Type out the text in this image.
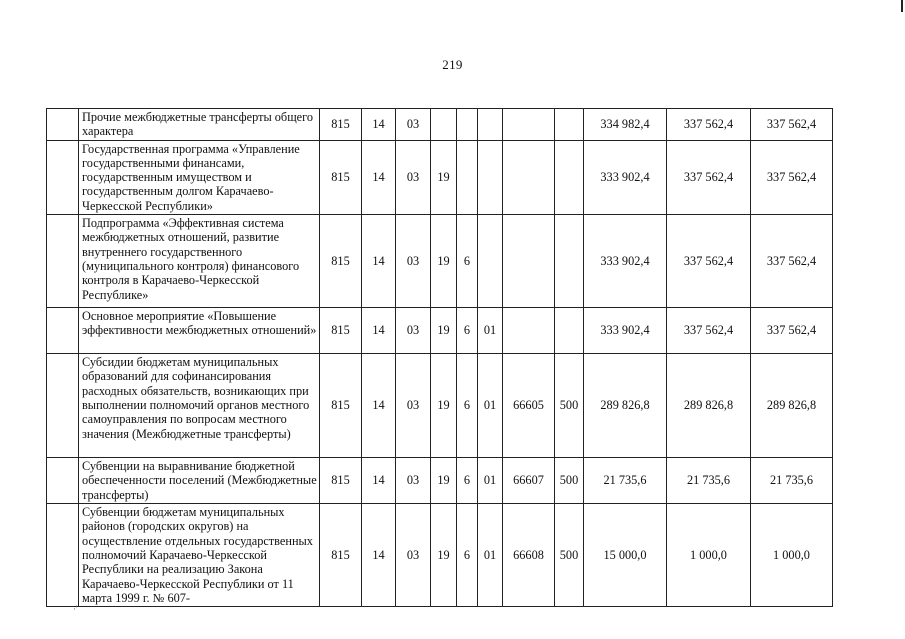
219
	Прочие межбюджетные трансферты общего характера	815	14	03						334 982,4	337 562,4	337 562,4
	Государственная программа «Управление государственными финансами, государственным имуществом и государственным долгом Карачаево-Черкесской Республики»	815	14	03	19					333 902,4	337 562,4	337 562,4
	Подпрограмма «Эффективная система межбюджетных отношений, развитие внутреннего государственного (муниципального контроля) финансового контроля в Карачаево-Черкесской Республике»	815	14	03	19	6				333 902,4	337 562,4	337 562,4
	Основное мероприятие «Повышение эффективности межбюджетных отношений»	815	14	03	19	6	01			333 902,4	337 562,4	337 562,4
	Субсидии бюджетам муниципальных образований для софинансирования расходных обязательств, возникающих при выполнении полномочий органов местного самоуправления по вопросам местного значения (Межбюджетные трансферты)	815	14	03	19	6	01	66605	500	289 826,8	289 826,8	289 826,8
	Субвенции на выравнивание бюджетной обеспеченности поселений (Межбюджетные трансферты)	815	14	03	19	6	01	66607	500	21 735,6	21 735,6	21 735,6
	Субвенции бюджетам муниципальных районов (городских округов) на осуществление отдельных государственных полномочий Карачаево-Черкесской Республики на реализацию Закона Карачаево-Черкесской Республики от 11 марта 1999 г. № 607-	815	14	03	19	6	01	66608	500	15 000,0	1 000,0	1 000,0
·'
